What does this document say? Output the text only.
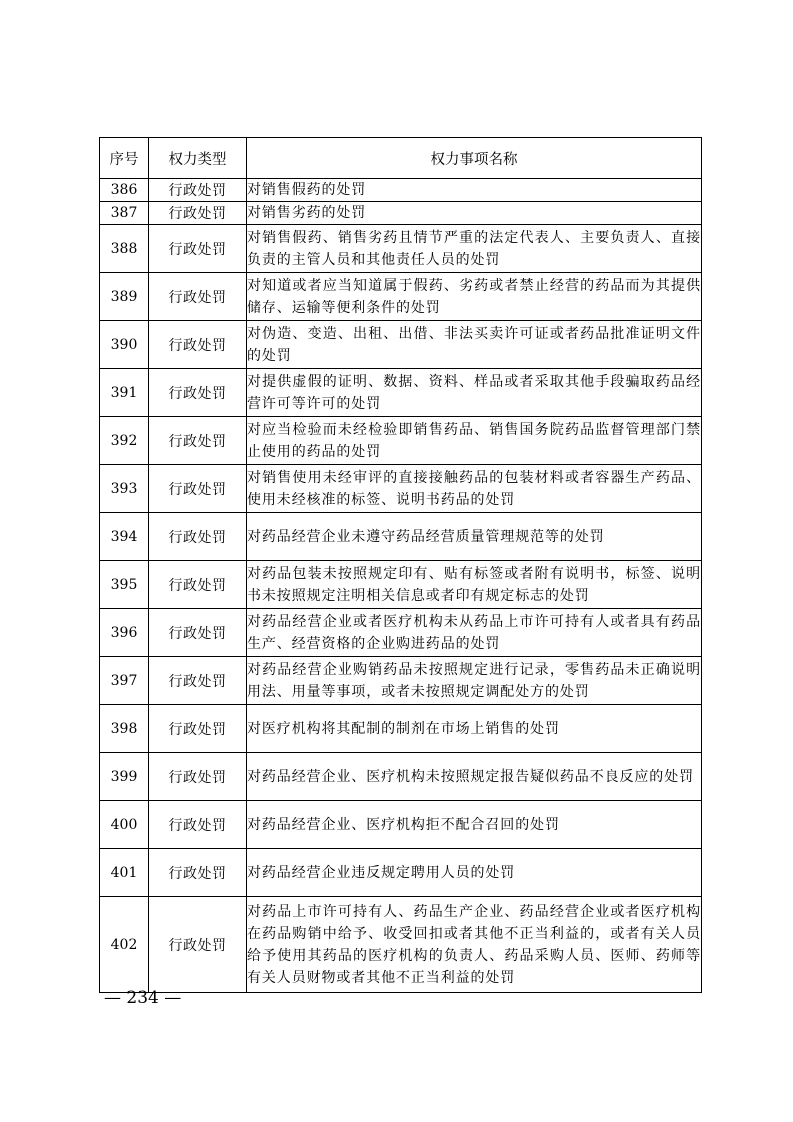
序号	权力类型	权力事项名称
386	行政处罚	对销售假药的处罚
387	行政处罚	对销售劣药的处罚
388	行政处罚	对销售假药、销售劣药且情节严重的法定代表人、主要负责人、直接负责的主管人员和其他责任人员的处罚
389	行政处罚	对知道或者应当知道属于假药、劣药或者禁止经营的药品而为其提供储存、运输等便利条件的处罚
390	行政处罚	对伪造、变造、出租、出借、非法买卖许可证或者药品批准证明文件的处罚
391	行政处罚	对提供虚假的证明、数据、资料、样品或者采取其他手段骗取药品经营许可等许可的处罚
392	行政处罚	对应当检验而未经检验即销售药品、销售国务院药品监督管理部门禁止使用的药品的处罚
393	行政处罚	对销售使用未经审评的直接接触药品的包装材料或者容器生产药品、使用未经核准的标签、说明书药品的处罚
394	行政处罚	对药品经营企业未遵守药品经营质量管理规范等的处罚
395	行政处罚	对药品包装未按照规定印有、贴有标签或者附有说明书，标签、说明书未按照规定注明相关信息或者印有规定标志的处罚
396	行政处罚	对药品经营企业或者医疗机构未从药品上市许可持有人或者具有药品生产、经营资格的企业购进药品的处罚
397	行政处罚	对药品经营企业购销药品未按照规定进行记录，零售药品未正确说明用法、用量等事项，或者未按照规定调配处方的处罚
398	行政处罚	对医疗机构将其配制的制剂在市场上销售的处罚
399	行政处罚	对药品经营企业、医疗机构未按照规定报告疑似药品不良反应的处罚
400	行政处罚	对药品经营企业、医疗机构拒不配合召回的处罚
401	行政处罚	对药品经营企业违反规定聘用人员的处罚
402	行政处罚	对药品上市许可持有人、药品生产企业、药品经营企业或者医疗机构在药品购销中给予、收受回扣或者其他不正当利益的，或者有关人员给予使用其药品的医疗机构的负责人、药品采购人员、医师、药师等有关人员财物或者其他不正当利益的处罚
— 234 —
